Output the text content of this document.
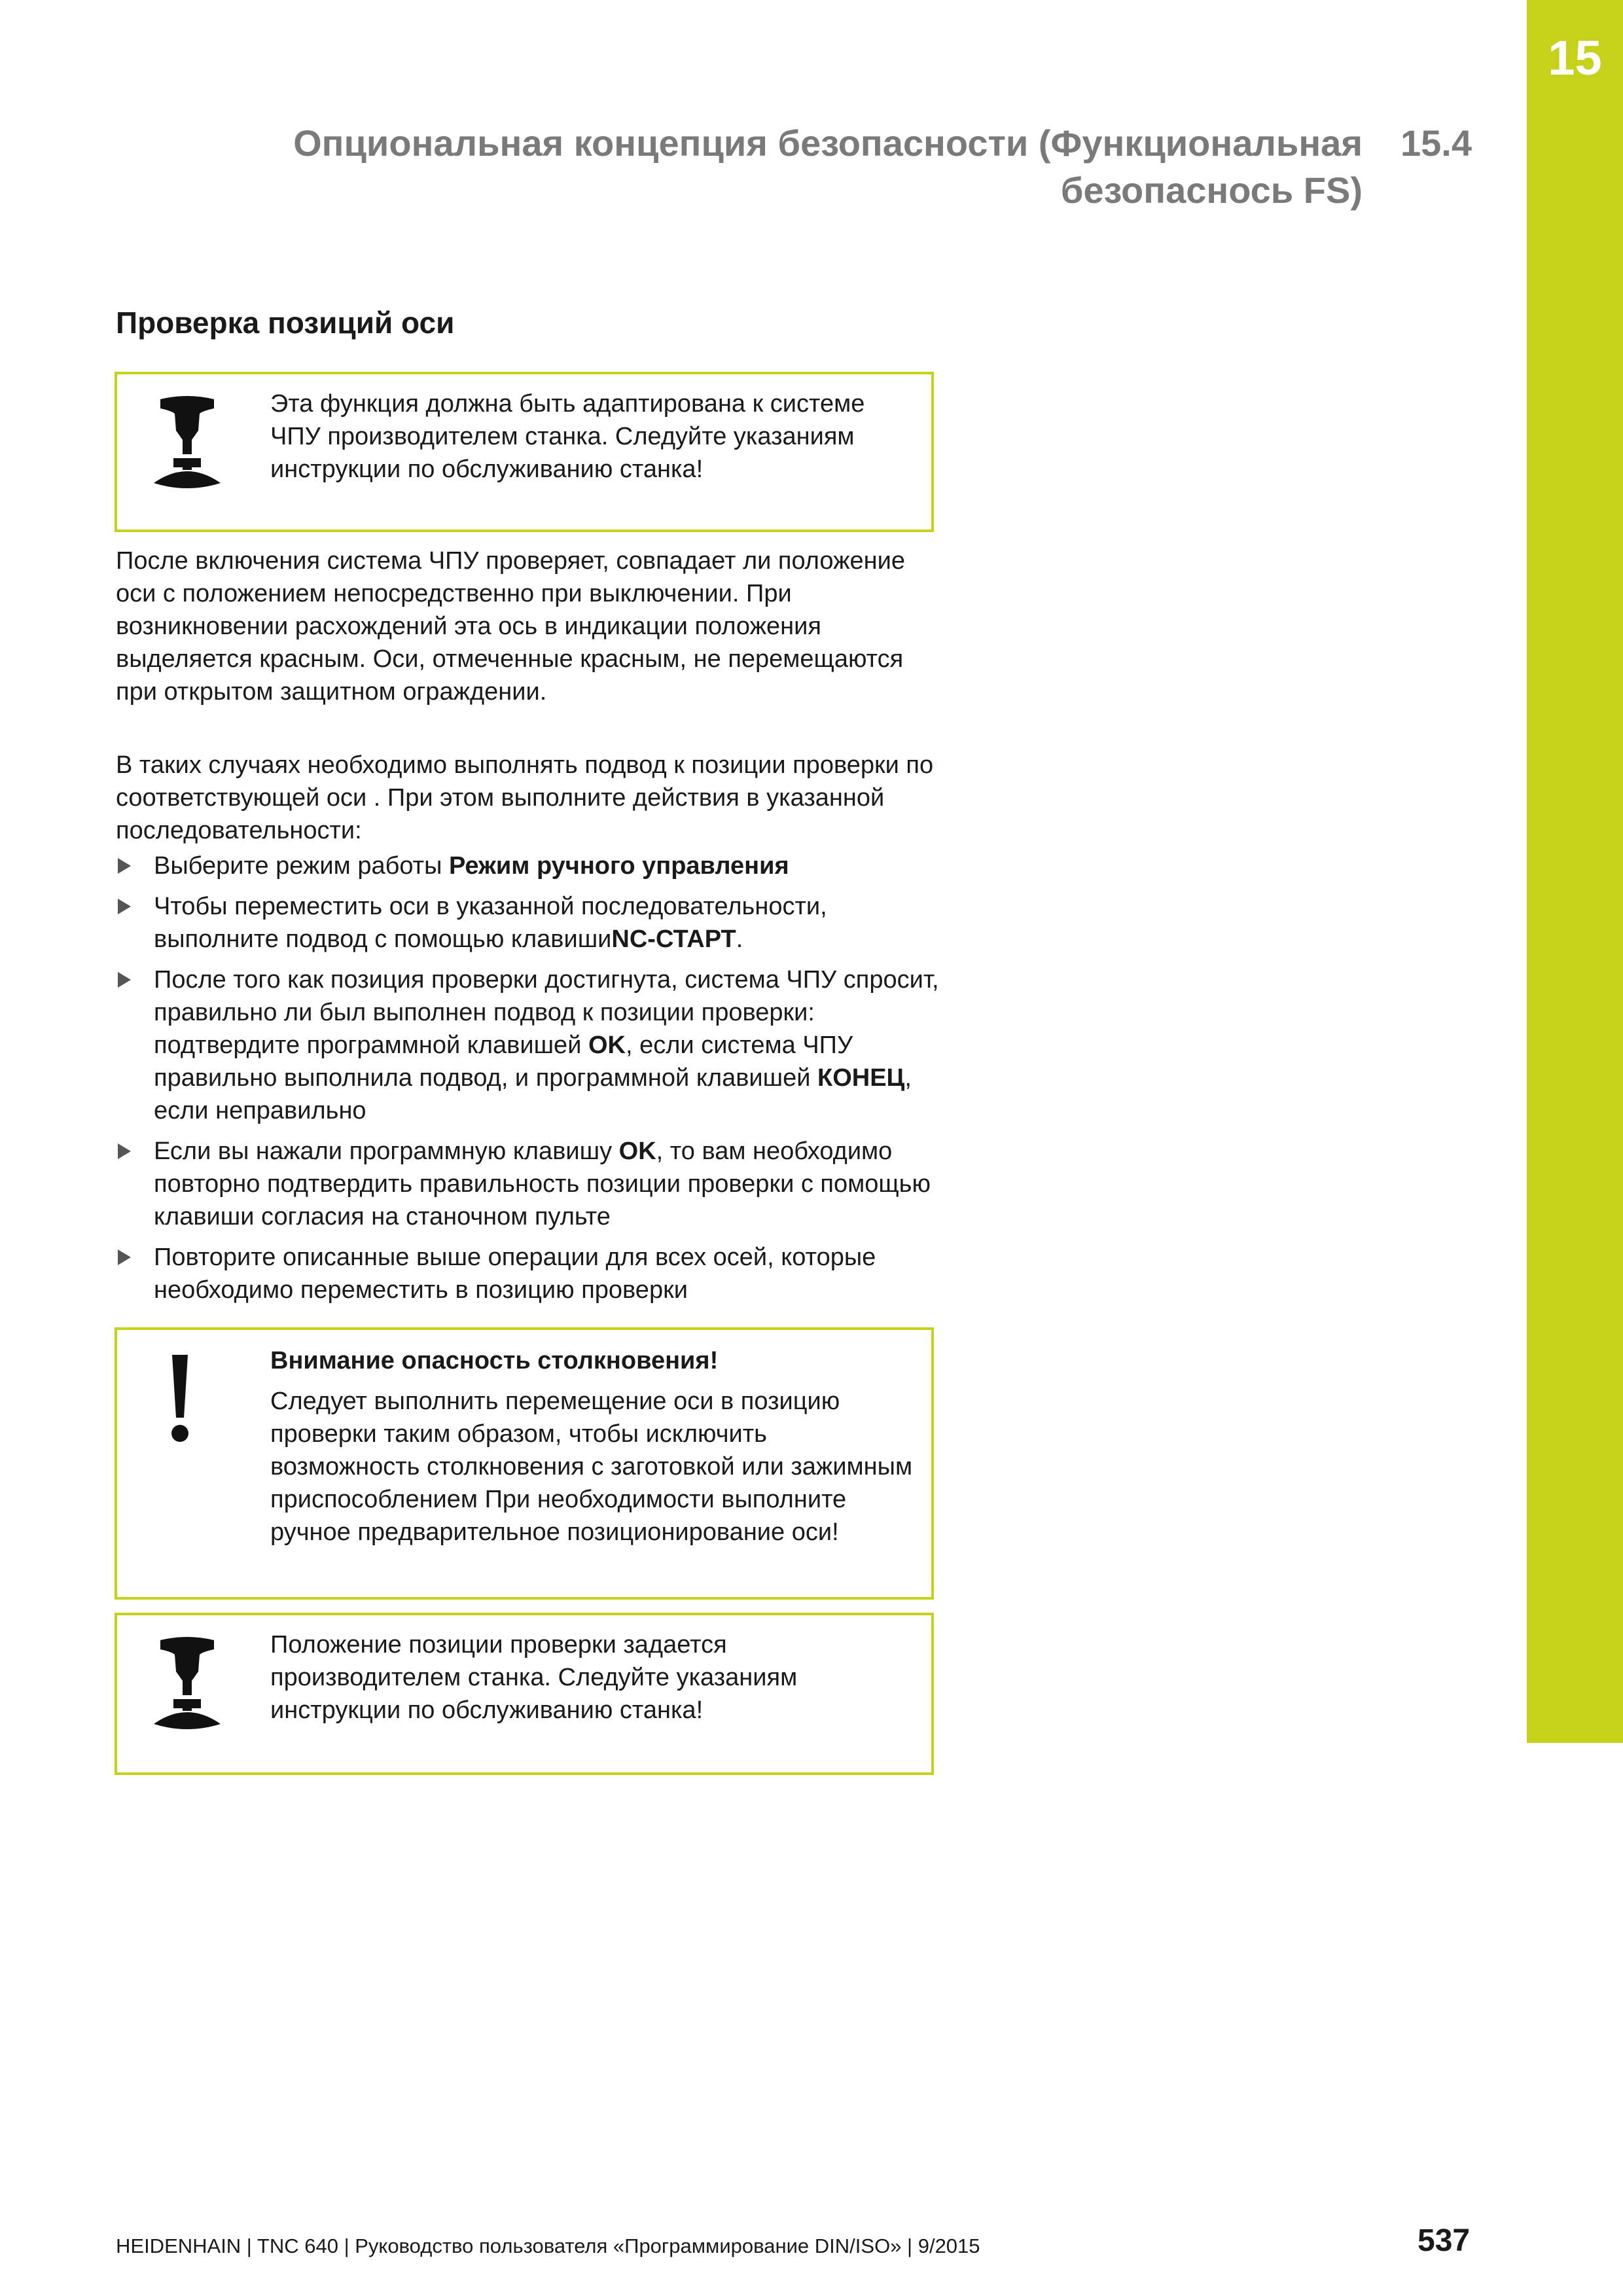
15
Опциональная концепция безопасности (Функциональная
безопаснось FS)
15.4
Проверка позиций оси
Эта функция должна быть адаптирована к системе ЧПУ производителем станка. Следуйте указаниям инструкции по обслуживанию станка!
После включения система ЧПУ проверяет, совпадает ли положение оси с положением непосредственно при выключении. При возникновении расхождений эта ось в индикации положения выделяется красным. Оси, отмеченные красным, не перемещаются при открытом защитном ограждении.
В таких случаях необходимо выполнять подвод к позиции проверки по соответствующей оси . При этом выполните действия в указанной последовательности:
Выберите режим работы Режим ручного управления
Чтобы переместить оси в указанной последовательности, выполните подвод с помощью клавишиNC-СТАРТ.
После того как позиция проверки достигнута, система ЧПУ спросит, правильно ли был выполнен подвод к позиции проверки: подтвердите программной клавишей OK, если система ЧПУ правильно выполнила подвод, и программной клавишей КОНЕЦ, если неправильно
Если вы нажали программную клавишу OK, то вам необходимо повторно подтвердить правильность позиции проверки с помощью клавиши согласия на станочном пульте
Повторите описанные выше операции для всех осей, которые необходимо переместить в позицию проверки
Внимание опасность столкновения!
Следует выполнить перемещение оси в позицию проверки таким образом, чтобы исключить возможность столкновения с заготовкой или зажимным приспособлением При необходимости выполните ручное предварительное позиционирование оси!
Положение позиции проверки задается производителем станка. Следуйте указаниям инструкции по обслуживанию станка!
HEIDENHAIN | TNC 640 | Руководство пользователя «Программирование DIN/ISO» | 9/2015	537
